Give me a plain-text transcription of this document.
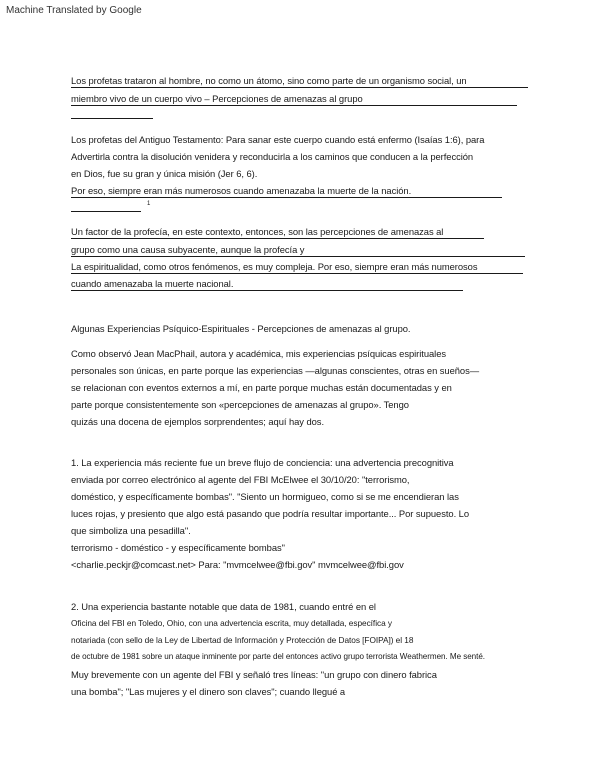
Machine Translated by Google
Los profetas trataron al hombre, no como un átomo, sino como parte de un organismo social, un
miembro vivo de un cuerpo vivo – Percepciones de amenazas al grupo
Los profetas del Antiguo Testamento: Para sanar este cuerpo cuando está enfermo (Isaías 1:6), para
Advertirla contra la disolución venidera y reconducirla a los caminos que conducen a la perfección
en Dios, fue su gran y única misión (Jer 6, 6).
Por eso, siempre eran más numerosos cuando amenazaba la muerte de la nación.
1
Un factor de la profecía, en este contexto, entonces, son las percepciones de amenazas al
grupo como una causa subyacente, aunque la profecía y
La espiritualidad, como otros fenómenos, es muy compleja. Por eso, siempre eran más numerosos
cuando amenazaba la muerte nacional.
Algunas Experiencias Psíquico-Espirituales - Percepciones de amenazas al grupo.
Como observó Jean MacPhail, autora y académica, mis experiencias psíquicas espirituales
personales son únicas, en parte porque las experiencias —algunas conscientes, otras en sueños—
se relacionan con eventos externos a mí, en parte porque muchas están documentadas y en
parte porque consistentemente son «percepciones de amenazas al grupo». Tengo
quizás una docena de ejemplos sorprendentes; aquí hay dos.
1. La experiencia más reciente fue un breve flujo de conciencia: una advertencia precognitiva
enviada por correo electrónico al agente del FBI McElwee el 30/10/20: "terrorismo,
doméstico, y específicamente bombas". "Siento un hormigueo, como si se me encendieran las
luces rojas, y presiento que algo está pasando que podría resultar importante... Por supuesto. Lo
que simboliza una pesadilla".
terrorismo - doméstico - y específicamente bombas"
<charlie.peckjr@comcast.net> Para: "mvmcelwee@fbi.gov" mvmcelwee@fbi.gov
2. Una experiencia bastante notable que data de 1981, cuando entré en el
Oficina del FBI en Toledo, Ohio, con una advertencia escrita, muy detallada, específica y
notariada (con sello de la Ley de Libertad de Información y Protección de Datos [FOIPA]) el 18
de octubre de 1981 sobre un ataque inminente por parte del entonces activo grupo terrorista Weathermen. Me senté.
Muy brevemente con un agente del FBI y señaló tres líneas: "un grupo con dinero fabrica
una bomba"; "Las mujeres y el dinero son claves"; cuando llegué a
